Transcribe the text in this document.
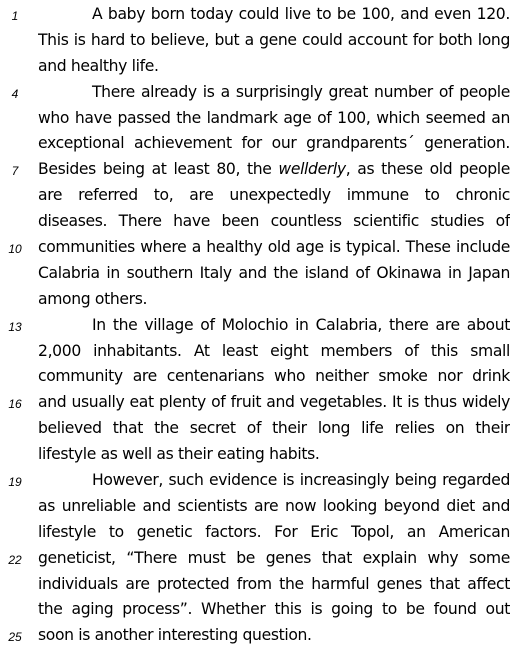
1	A baby born today could live to be 100, and even 120.
This is hard to believe, but a gene could account for both long
and healthy life.
4	There already is a surprisingly great number of people
who have passed the landmark age of 100, which seemed an
exceptional achievement for our grandparents´ generation.
7	Besides being at least 80, the wellderly, as these old people
are referred to, are unexpectedly immune to chronic
diseases. There have been countless scientific studies of
10	communities where a healthy old age is typical. These include
Calabria in southern Italy and the island of Okinawa in Japan
among others.
13	In the village of Molochio in Calabria, there are about
2,000 inhabitants. At least eight members of this small
community are centenarians who neither smoke nor drink
16	and usually eat plenty of fruit and vegetables. It is thus widely
believed that the secret of their long life relies on their
lifestyle as well as their eating habits.
19	However, such evidence is increasingly being regarded
as unreliable and scientists are now looking beyond diet and
lifestyle to genetic factors. For Eric Topol, an American
22	geneticist, “There must be genes that explain why some
individuals are protected from the harmful genes that affect
the aging process”. Whether this is going to be found out
25	soon is another interesting question.
